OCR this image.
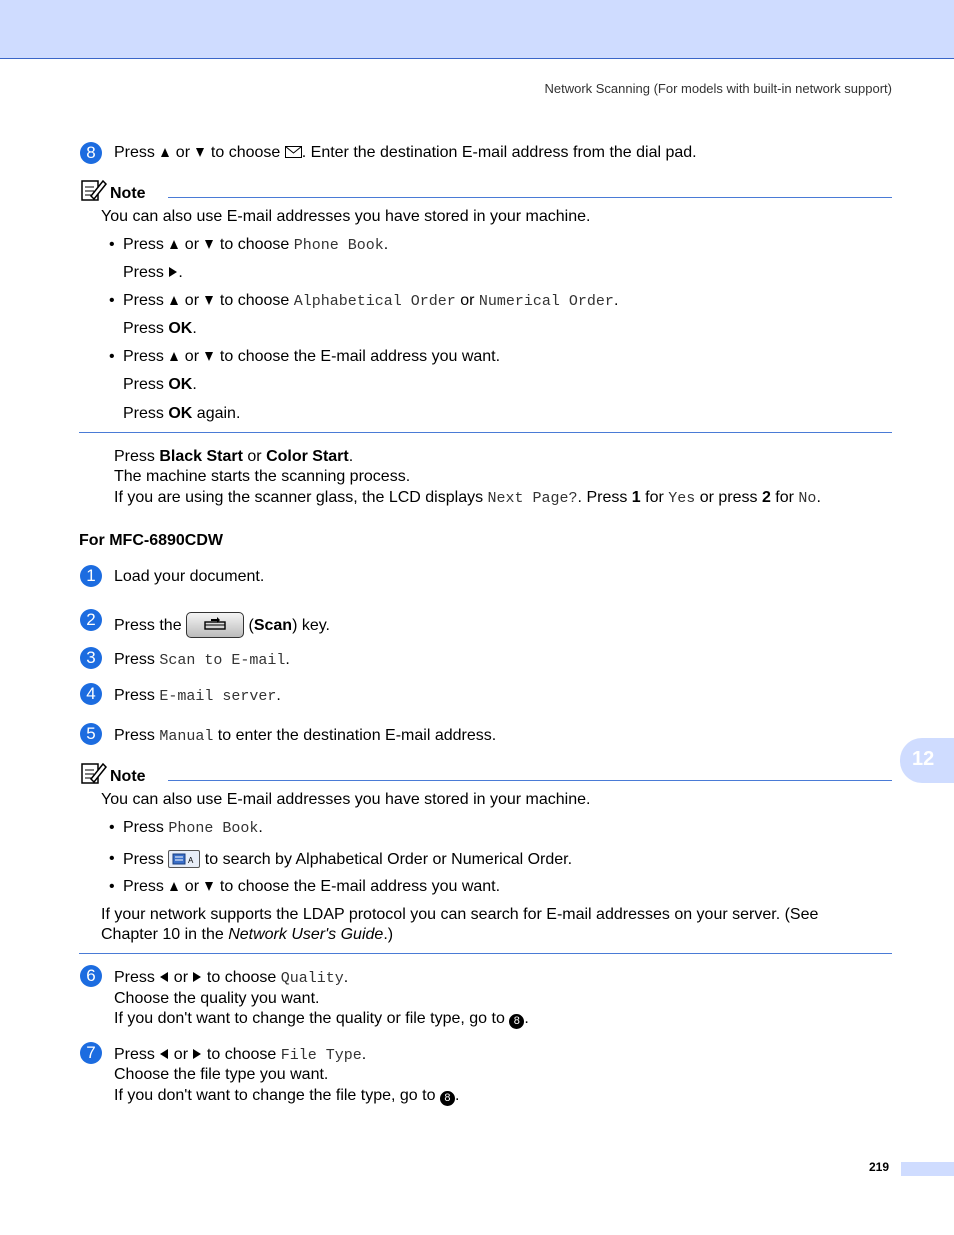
Network Scanning (For models with built-in network support)
8	Press  or  to choose . Enter the destination E-mail address from the dial pad.
Note
You can also use E-mail addresses you have stored in your machine.
• Press  or  to choose Phone Book.
Press .
• Press  or  to choose Alphabetical Order or Numerical Order.
Press OK.
• Press  or  to choose the E-mail address you want.
Press OK.
Press OK again.
Press Black Start or Color Start.
The machine starts the scanning process.
If you are using the scanner glass, the LCD displays Next Page?. Press 1 for Yes or press 2 for No.
For MFC-6890CDW
1	Load your document.
2	Press the	(Scan) key.
3	Press Scan to E-mail.
4	Press E-mail server.
5	Press Manual to enter the destination E-mail address.
Note
You can also use E-mail addresses you have stored in your machine.
• Press Phone Book.
• Press	A to search by Alphabetical Order or Numerical Order.
• Press  or  to choose the E-mail address you want.
If your network supports the LDAP protocol you can search for E-mail addresses on your server. (See
Chapter 10 in the Network User's Guide.)
6	Press  or  to choose Quality.
Choose the quality you want.
If you don't want to change the quality or file type, go to 8 .
7	Press  or  to choose File Type.
Choose the file type you want.
If you don't want to change the file type, go to 8 .
12
219
